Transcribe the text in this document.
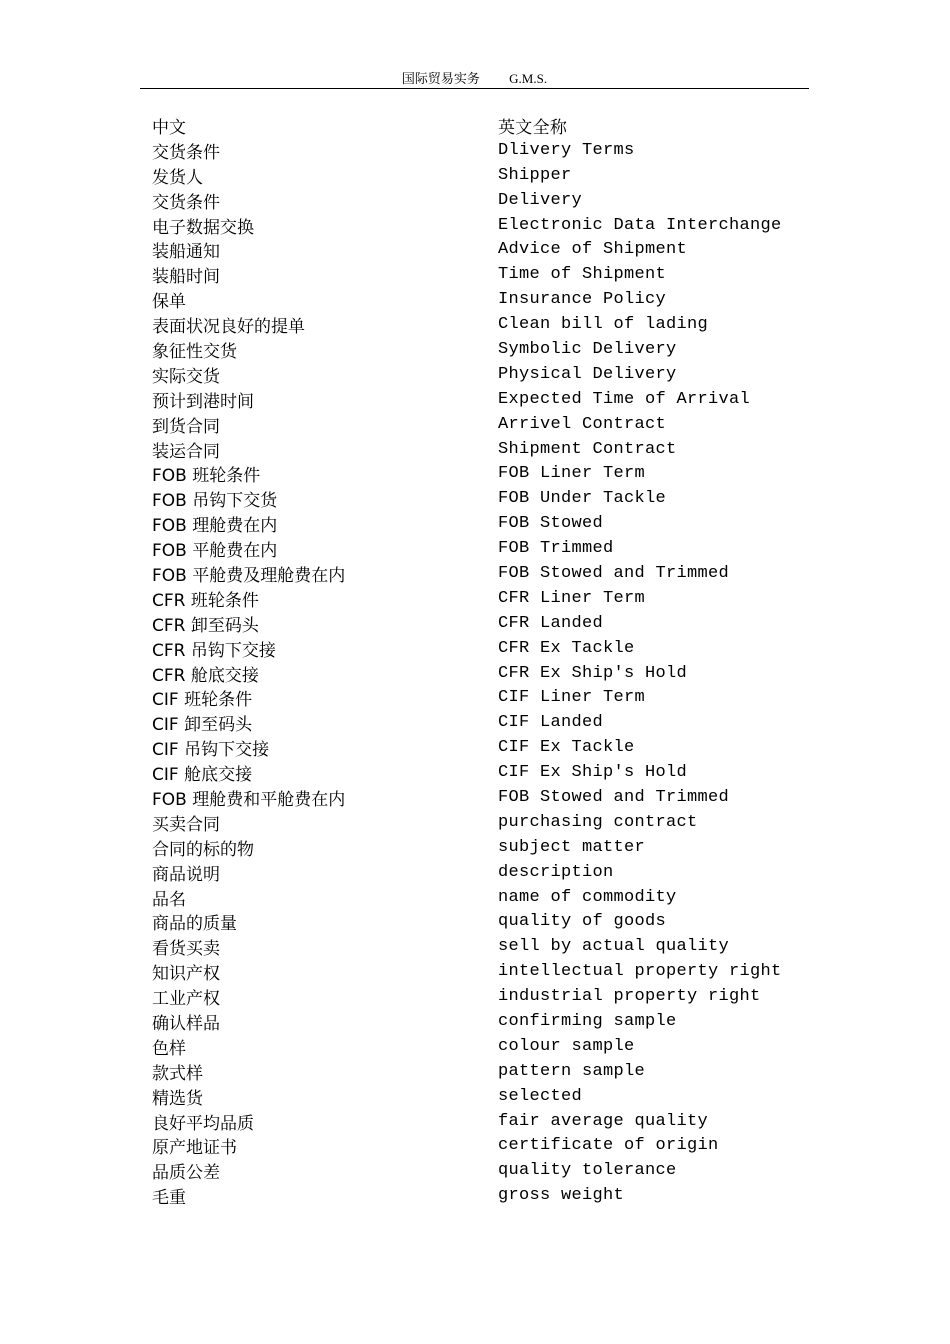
国际贸易实务 G.M.S.
中文	英文全称
交货条件	Dlivery Terms
发货人	Shipper
交货条件	Delivery
电子数据交换	Electronic Data Interchange
装船通知	Advice of Shipment
装船时间	Time of Shipment
保单	Insurance Policy
表面状况良好的提单	Clean bill of lading
象征性交货	Symbolic Delivery
实际交货	Physical Delivery
预计到港时间	Expected Time of Arrival
到货合同	Arrivel Contract
装运合同	Shipment Contract
FOB 班轮条件	FOB Liner Term
FOB 吊钩下交货	FOB Under Tackle
FOB 理舱费在内	FOB Stowed
FOB 平舱费在内	FOB Trimmed
FOB 平舱费及理舱费在内	FOB Stowed and Trimmed
CFR 班轮条件	CFR Liner Term
CFR 卸至码头	CFR Landed
CFR 吊钩下交接	CFR Ex Tackle
CFR 舱底交接	CFR Ex Ship's Hold
CIF 班轮条件	CIF Liner Term
CIF 卸至码头	CIF Landed
CIF 吊钩下交接	CIF Ex Tackle
CIF 舱底交接	CIF Ex Ship's Hold
FOB 理舱费和平舱费在内	FOB Stowed and Trimmed
买卖合同	purchasing contract
合同的标的物	subject matter
商品说明	description
品名	name of commodity
商品的质量	quality of goods
看货买卖	sell by actual quality
知识产权	intellectual property right
工业产权	industrial property right
确认样品	confirming sample
色样	colour sample
款式样	pattern sample
精选货	selected
良好平均品质	fair average quality
原产地证书	certificate of origin
品质公差	quality tolerance
毛重	gross weight
